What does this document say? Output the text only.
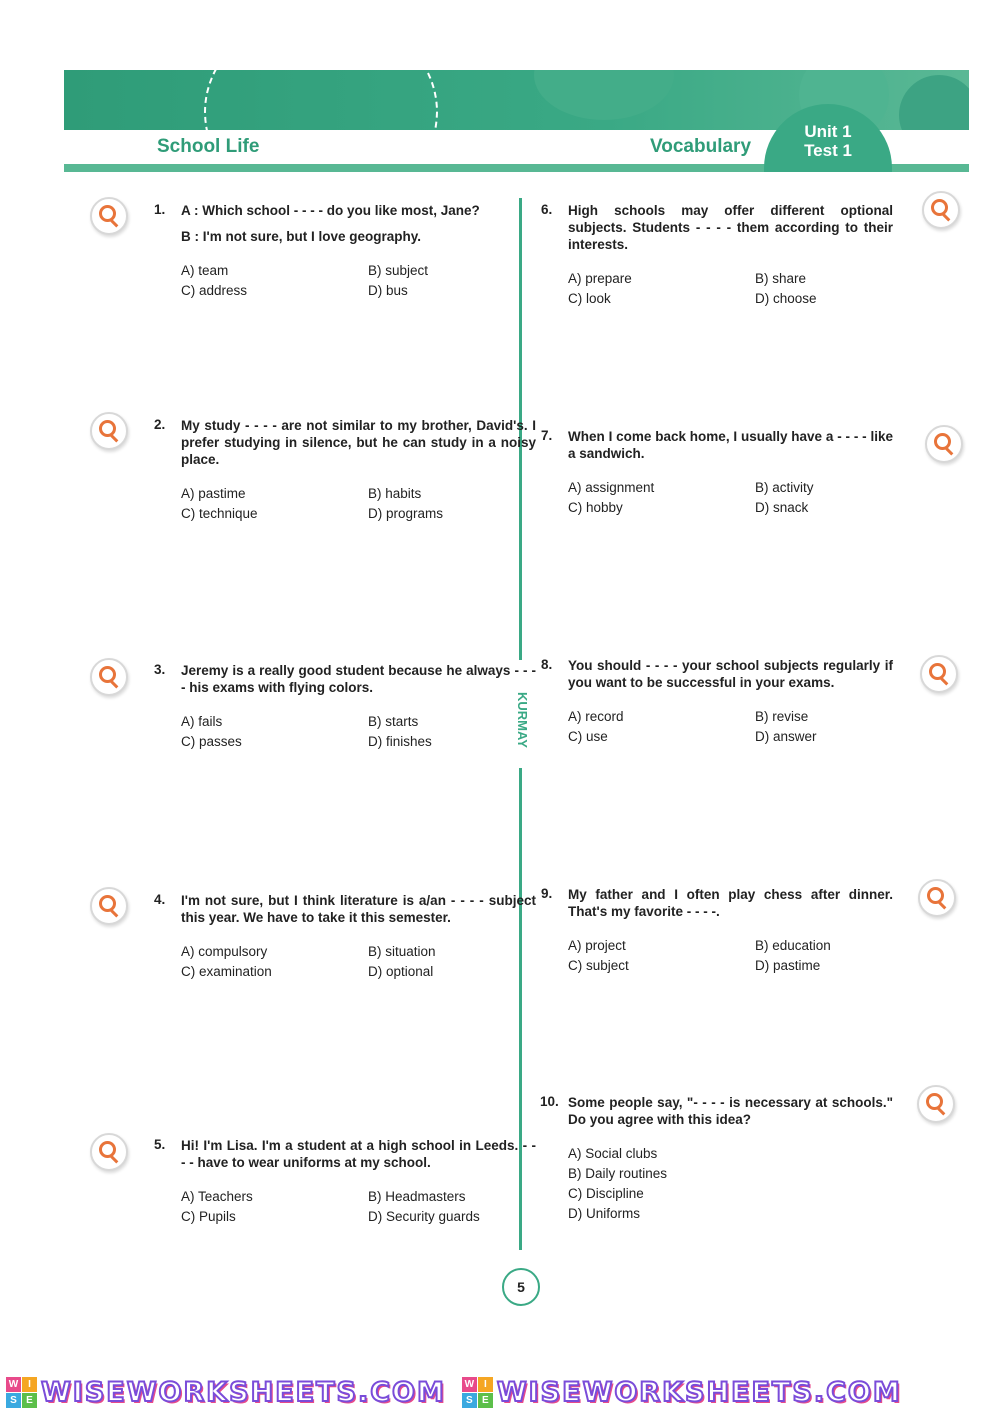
School Life	Vocabulary
Unit 1
Test 1
KURMAY
1. A : Which school - - - - do you like most, Jane?
B : I'm not sure, but I love geography.
A) team	B) subject
C) address	D) bus
2. My study - - - - are not similar to my brother, David's. I prefer studying in silence, but he can study in a noisy place.
A) pastime	B) habits
C) technique	D) programs
3. Jeremy is a really good student because he always - - - - his exams with flying colors.
A) fails	B) starts
C) passes	D) finishes
4. I'm not sure, but I think literature is a/an - - - - subject this year. We have to take it this semester.
A) compulsory	B) situation
C) examination	D) optional
5. Hi! I'm Lisa. I'm a student at a high school in Leeds. - - - - have to wear uniforms at my school.
A) Teachers	B) Headmasters
C) Pupils	D) Security guards
6. High schools may offer different optional subjects. Students - - - - them according to their interests.
A) prepare	B) share
C) look	D) choose
7. When I come back home, I usually have a - - - - like a sandwich.
A) assignment	B) activity
C) hobby	D) snack
8. You should - - - - your school subjects regularly if you want to be successful in your exams.
A) record	B) revise
C) use	D) answer
9. My father and I often play chess after dinner. That's my favorite - - - -.
A) project	B) education
C) subject	D) pastime
10. Some people say, "- - - - is necessary at schools." Do you agree with this idea?
A) Social clubs
B) Daily routines
C) Discipline
D) Uniforms
5
W I
S E WISEWORKSHEETS.COM W I
S E WISEWORKSHEETS.COM
